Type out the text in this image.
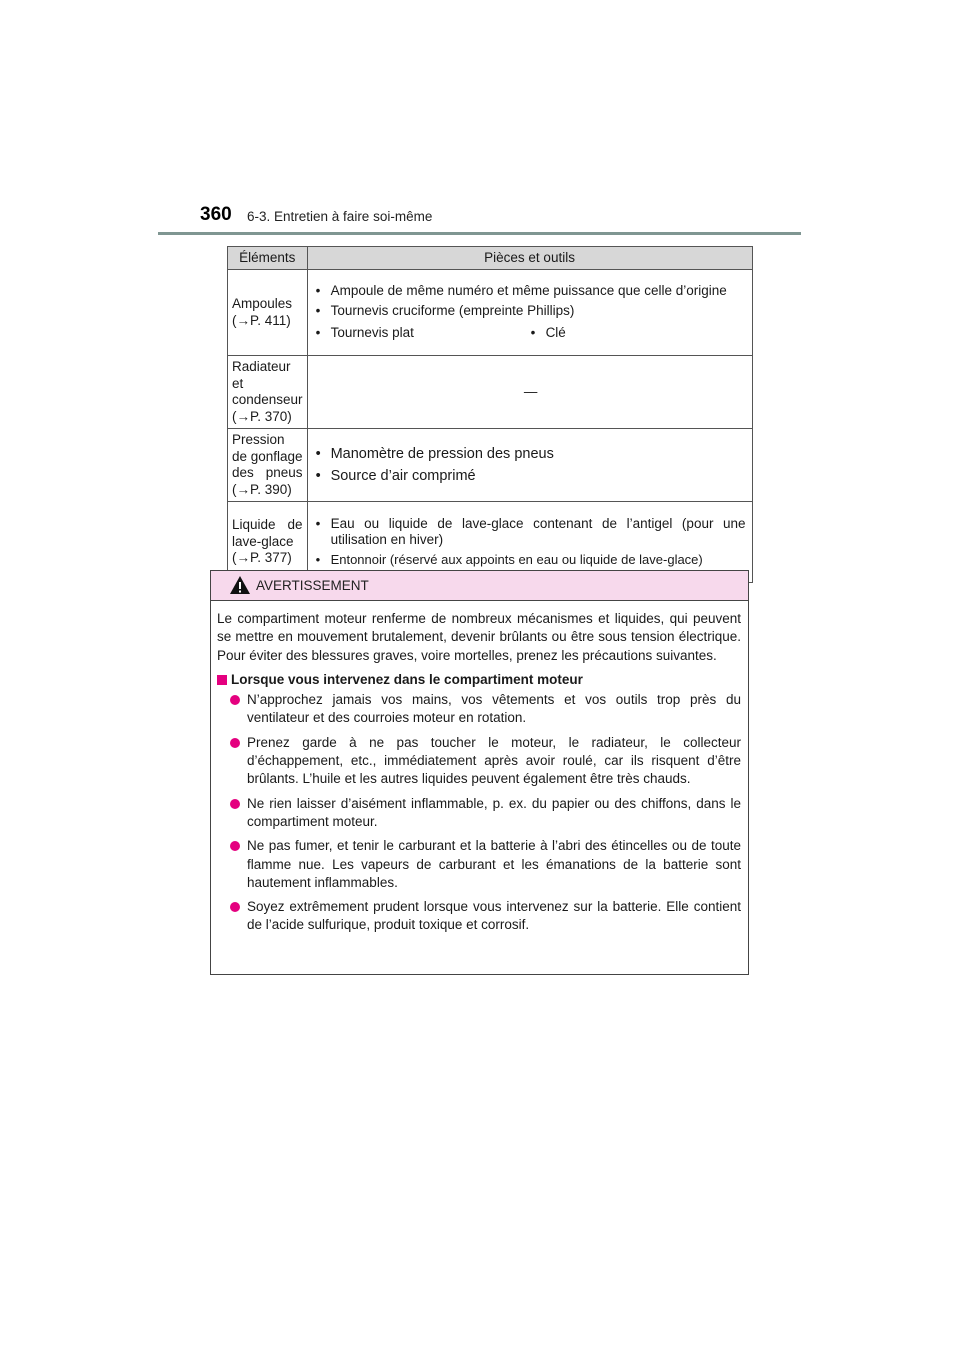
360 6-3. Entretien à faire soi-même
Éléments	Pièces et outils
Ampoules (→P. 411)	• Ampoule de même numéro et même puissance que celle d’origine
• Tournevis cruciforme (empreinte Phillips)
• Tournevis plat • Clé

Radiateur et condenseur (→P. 370)	—
Pression de gonflage des pneus (→P. 390)	• Manomètre de pression des pneus
• Source d’air comprimé

Liquide de lave-glace (→P. 377)	• Eau ou liquide de lave-glace contenant de l’antigel (pour une utilisation en hiver)
• Entonnoir (réservé aux appoints en eau ou liquide de lave-glace)
AVERTISSEMENT

Le compartiment moteur renferme de nombreux mécanismes et liquides, qui peuvent se mettre en mouvement brutalement, devenir brûlants ou être sous tension électrique. Pour éviter des blessures graves, voire mortelles, prenez les précautions suivantes.

Lorsque vous intervenez dans le compartiment moteur
N’approchez jamais vos mains, vos vêtements et vos outils trop près du ventilateur et des courroies moteur en rotation.
Prenez garde à ne pas toucher le moteur, le radiateur, le collecteur d’échappement, etc., immédiatement après avoir roulé, car ils risquent d’être brûlants. L’huile et les autres liquides peuvent également être très chauds.
Ne rien laisser d’aisément inflammable, p. ex. du papier ou des chiffons, dans le compartiment moteur.
Ne pas fumer, et tenir le carburant et la batterie à l’abri des étincelles ou de toute flamme nue. Les vapeurs de carburant et les émanations de la batterie sont hautement inflammables.
Soyez extrêmement prudent lorsque vous intervenez sur la batterie. Elle contient de l’acide sulfurique, produit toxique et corrosif.
